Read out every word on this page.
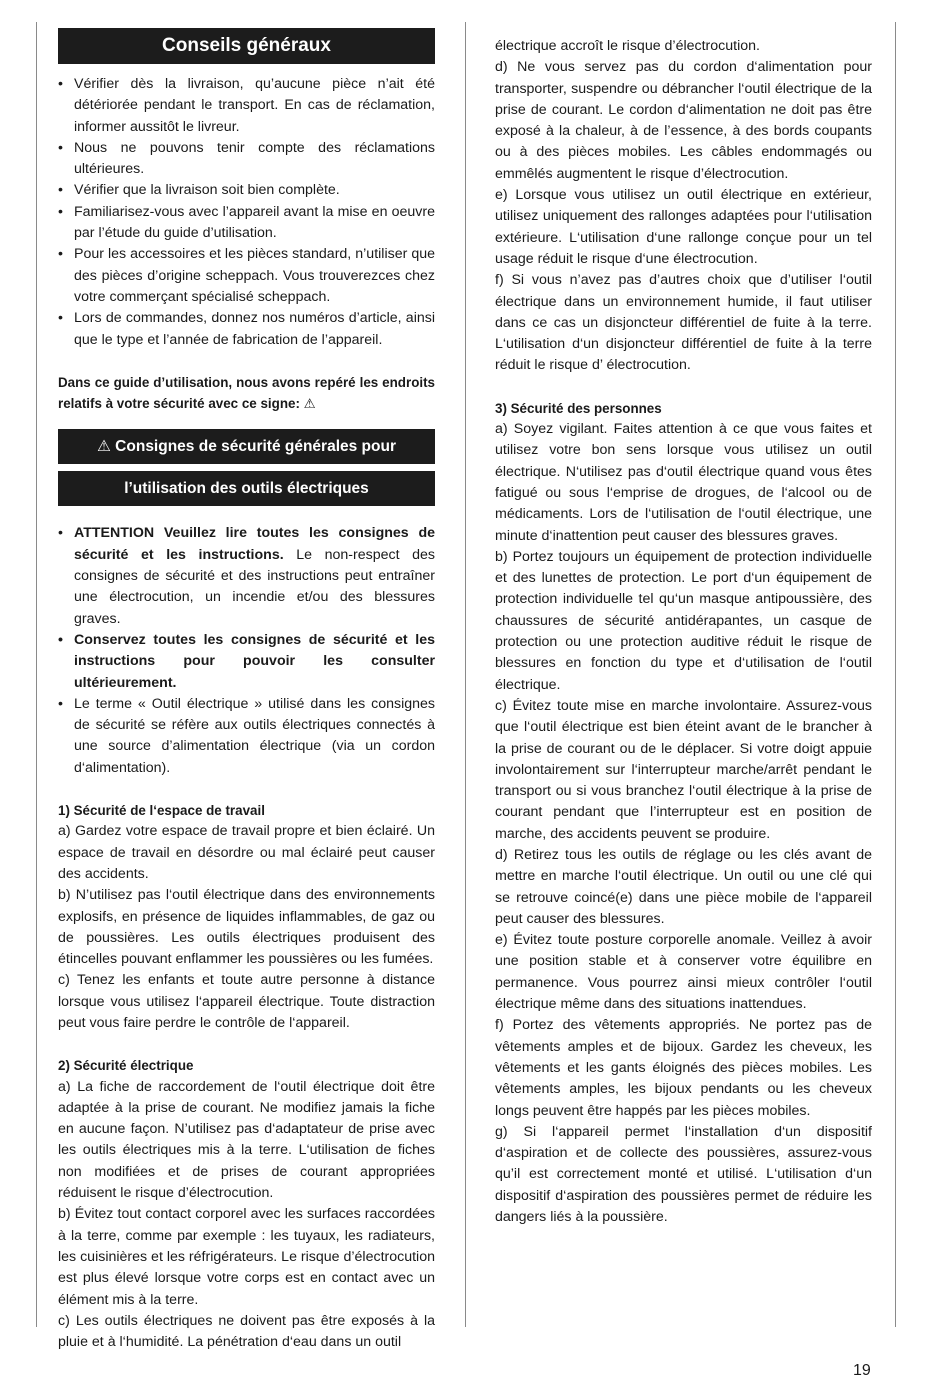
Conseils généraux
• Vérifier dès la livraison, qu’aucune pièce n’ait été détériorée pendant le transport. En cas de réclamation, informer aussitôt le livreur.
• Nous ne pouvons tenir compte des réclamations ultérieures.
• Vérifier que la livraison soit bien complète.
• Familiarisez-vous avec l’appareil avant la mise en oeuvre par l’étude du guide d’utilisation.
• Pour les accessoires et les pièces standard, n’utiliser que des pièces d’origine scheppach. Vous trouverezces chez votre commerçant spécialisé scheppach.
• Lors de commandes, donnez nos numéros d’article, ainsi que le type et l’année de fabrication de l’appareil.

Dans ce guide d’utilisation, nous avons repéré les endroits relatifs à votre sécurité avec ce signe: ⚠

⚠ Consignes de sécurité générales pour
l’utilisation des outils électriques
• ATTENTION Veuillez lire toutes les consignes de sécurité et les instructions. Le non-respect des consignes de sécurité et des instructions peut entraîner une électrocution, un incendie et/ou des blessures graves.
• Conservez toutes les consignes de sécurité et les instructions pour pouvoir les consulter ultérieurement.
• Le terme « Outil électrique » utilisé dans les consignes de sécurité se réfère aux outils électriques connectés à une source d’alimentation électrique (via un cordon d‘alimentation).

1) Sécurité de l‘espace de travail

a) Gardez votre espace de travail propre et bien éclairé. Un espace de travail en désordre ou mal éclairé peut causer des accidents.

b) N’utilisez pas l‘outil électrique dans des environnements explosifs, en présence de liquides inflammables, de gaz ou de poussières. Les outils électriques produisent des étincelles pouvant enflammer les poussières ou les fumées.

c) Tenez les enfants et toute autre personne à distance lorsque vous utilisez l‘appareil électrique. Toute distraction peut vous faire perdre le contrôle de l‘appareil.

2) Sécurité électrique

a) La fiche de raccordement de l‘outil électrique doit être adaptée à la prise de courant. Ne modifiez jamais la fiche en aucune façon. N’utilisez pas d‘adaptateur de prise avec les outils électriques mis à la terre. L‘utilisation de fiches non modifiées et de prises de courant appropriées réduisent le risque d’électrocution.

b) Évitez tout contact corporel avec les surfaces raccordées à la terre, comme par exemple : les tuyaux, les radiateurs, les cuisinières et les réfrigérateurs. Le risque d’électrocution est plus élevé lorsque votre corps est en contact avec un élément mis à la terre.

c) Les outils électriques ne doivent pas être exposés à la pluie et à l‘humidité. La pénétration d‘eau dans un outil

électrique accroît le risque d’électrocution.

d) Ne vous servez pas du cordon d‘alimentation pour transporter, suspendre ou débrancher l‘outil électrique de la prise de courant. Le cordon d‘alimentation ne doit pas être exposé à la chaleur, à de l’essence, à des bords coupants ou à des pièces mobiles. Les câbles endommagés ou emmêlés augmentent le risque d’électrocution.

e) Lorsque vous utilisez un outil électrique en extérieur, utilisez uniquement des rallonges adaptées pour l‘utilisation extérieure. L‘utilisation d‘une rallonge conçue pour un tel usage réduit le risque d‘une électrocution.

f) Si vous n’avez pas d’autres choix que d’utiliser l‘outil électrique dans un environnement humide, il faut utiliser dans ce cas un disjoncteur différentiel de fuite à la terre. L‘utilisation d‘un disjoncteur différentiel de fuite à la terre réduit le risque d’ électrocution.

3) Sécurité des personnes

a) Soyez vigilant. Faites attention à ce que vous faites et utilisez votre bon sens lorsque vous utilisez un outil électrique. N‘utilisez pas d‘outil électrique quand vous êtes fatigué ou sous l‘emprise de drogues, de l‘alcool ou de médicaments. Lors de l‘utilisation de l‘outil électrique, une minute d‘inattention peut causer des blessures graves.

b) Portez toujours un équipement de protection individuelle et des lunettes de protection. Le port d‘un équipement de protection individuelle tel qu‘un masque antipoussière, des chaussures de sécurité antidérapantes, un casque de protection ou une protection auditive réduit le risque de blessures en fonction du type et d‘utilisation de l‘outil électrique.

c) Évitez toute mise en marche involontaire. Assurez-vous que l‘outil électrique est bien éteint avant de le brancher à la prise de courant ou de le déplacer. Si votre doigt appuie involontairement sur l‘interrupteur marche/arrêt pendant le transport ou si vous branchez l‘outil électrique à la prise de courant pendant que l’interrupteur est en position de marche, des accidents peuvent se produire.

d) Retirez tous les outils de réglage ou les clés avant de mettre en marche l‘outil électrique. Un outil ou une clé qui se retrouve coincé(e) dans une pièce mobile de l‘appareil peut causer des blessures.

e) Évitez toute posture corporelle anomale. Veillez à avoir une position stable et à conserver votre équilibre en permanence. Vous pourrez ainsi mieux contrôler l‘outil électrique même dans des situations inattendues.

f) Portez des vêtements appropriés. Ne portez pas de vêtements amples et de bijoux. Gardez les cheveux, les vêtements et les gants éloignés des pièces mobiles. Les vêtements amples, les bijoux pendants ou les cheveux longs peuvent être happés par les pièces mobiles.

g) Si l‘appareil permet l‘installation d‘un dispositif d‘aspiration et de collecte des poussières, assurez-vous qu’il est correctement monté et utilisé. L‘utilisation d‘un dispositif d‘aspiration des poussières permet de réduire les dangers liés à la poussière.

19
